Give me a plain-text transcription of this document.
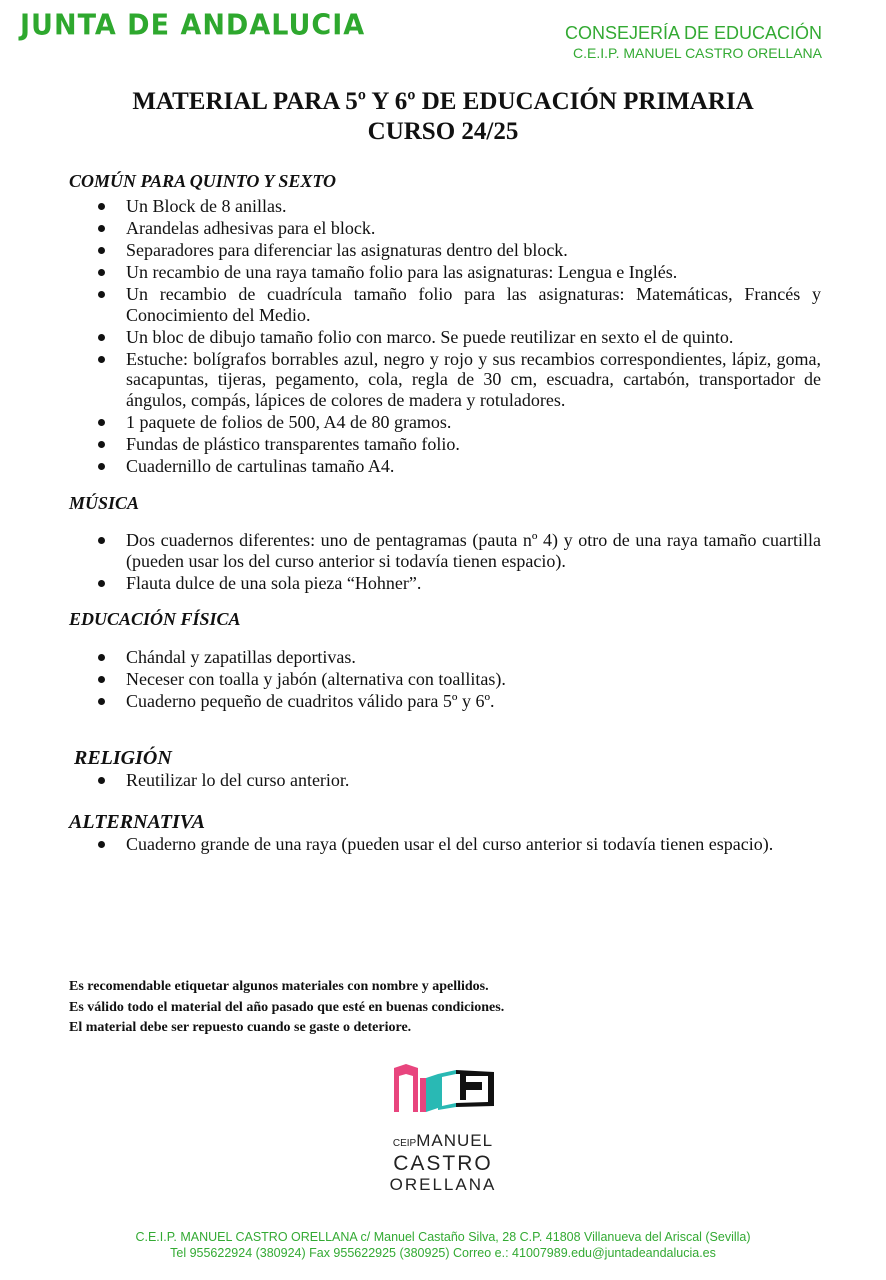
JUNTA DE ANDALUCIA	CONSEJERÍA DE EDUCACIÓN
C.E.I.P. MANUEL CASTRO ORELLANA
MATERIAL PARA 5º Y 6º DE EDUCACIÓN PRIMARIA
CURSO 24/25

COMÚN PARA QUINTO Y SEXTO

Un Block de 8 anillas.
Arandelas adhesivas para el block.
Separadores para diferenciar las asignaturas dentro del block.
Un recambio de una raya tamaño folio para las asignaturas: Lengua e Inglés.
Un recambio de cuadrícula tamaño folio para las asignaturas: Matemáticas, Francés y Conocimiento del Medio.
Un bloc de dibujo tamaño folio con marco. Se puede reutilizar en sexto el de quinto.
Estuche: bolígrafos borrables azul, negro y rojo y sus recambios correspondientes, lápiz, goma, sacapuntas, tijeras, pegamento, cola, regla de 30 cm, escuadra, cartabón, transportador de ángulos, compás, lápices de colores de madera y rotuladores.
1 paquete de folios de 500, A4 de 80 gramos.
Fundas de plástico transparentes tamaño folio.
Cuadernillo de cartulinas tamaño A4.

MÚSICA

Dos cuadernos diferentes: uno de pentagramas (pauta nº 4) y otro de una raya tamaño cuartilla (pueden usar los del curso anterior si todavía tienen espacio).
Flauta dulce de una sola pieza “Hohner”.

EDUCACIÓN FÍSICA

Chándal y zapatillas deportivas.
Neceser con toalla y jabón (alternativa con toallitas).
Cuaderno pequeño de cuadritos válido para 5º y 6º.

RELIGIÓN

Reutilizar lo del curso anterior.

ALTERNATIVA

Cuaderno grande de una raya (pueden usar el del curso anterior si todavía tienen espacio).
Es recomendable etiquetar algunos materiales con nombre y apellidos.
Es válido todo el material del año pasado que esté en buenas condiciones.
El material debe ser repuesto cuando se gaste o deteriore.
CEIPMANUEL
CASTRO
ORELLANA
C.E.I.P. MANUEL CASTRO ORELLANA c/ Manuel Castaño Silva, 28 C.P. 41808 Villanueva del Ariscal (Sevilla)
Tel 955622924 (380924) Fax 955622925 (380925) Correo e.: 41007989.edu@juntadeandalucia.es
